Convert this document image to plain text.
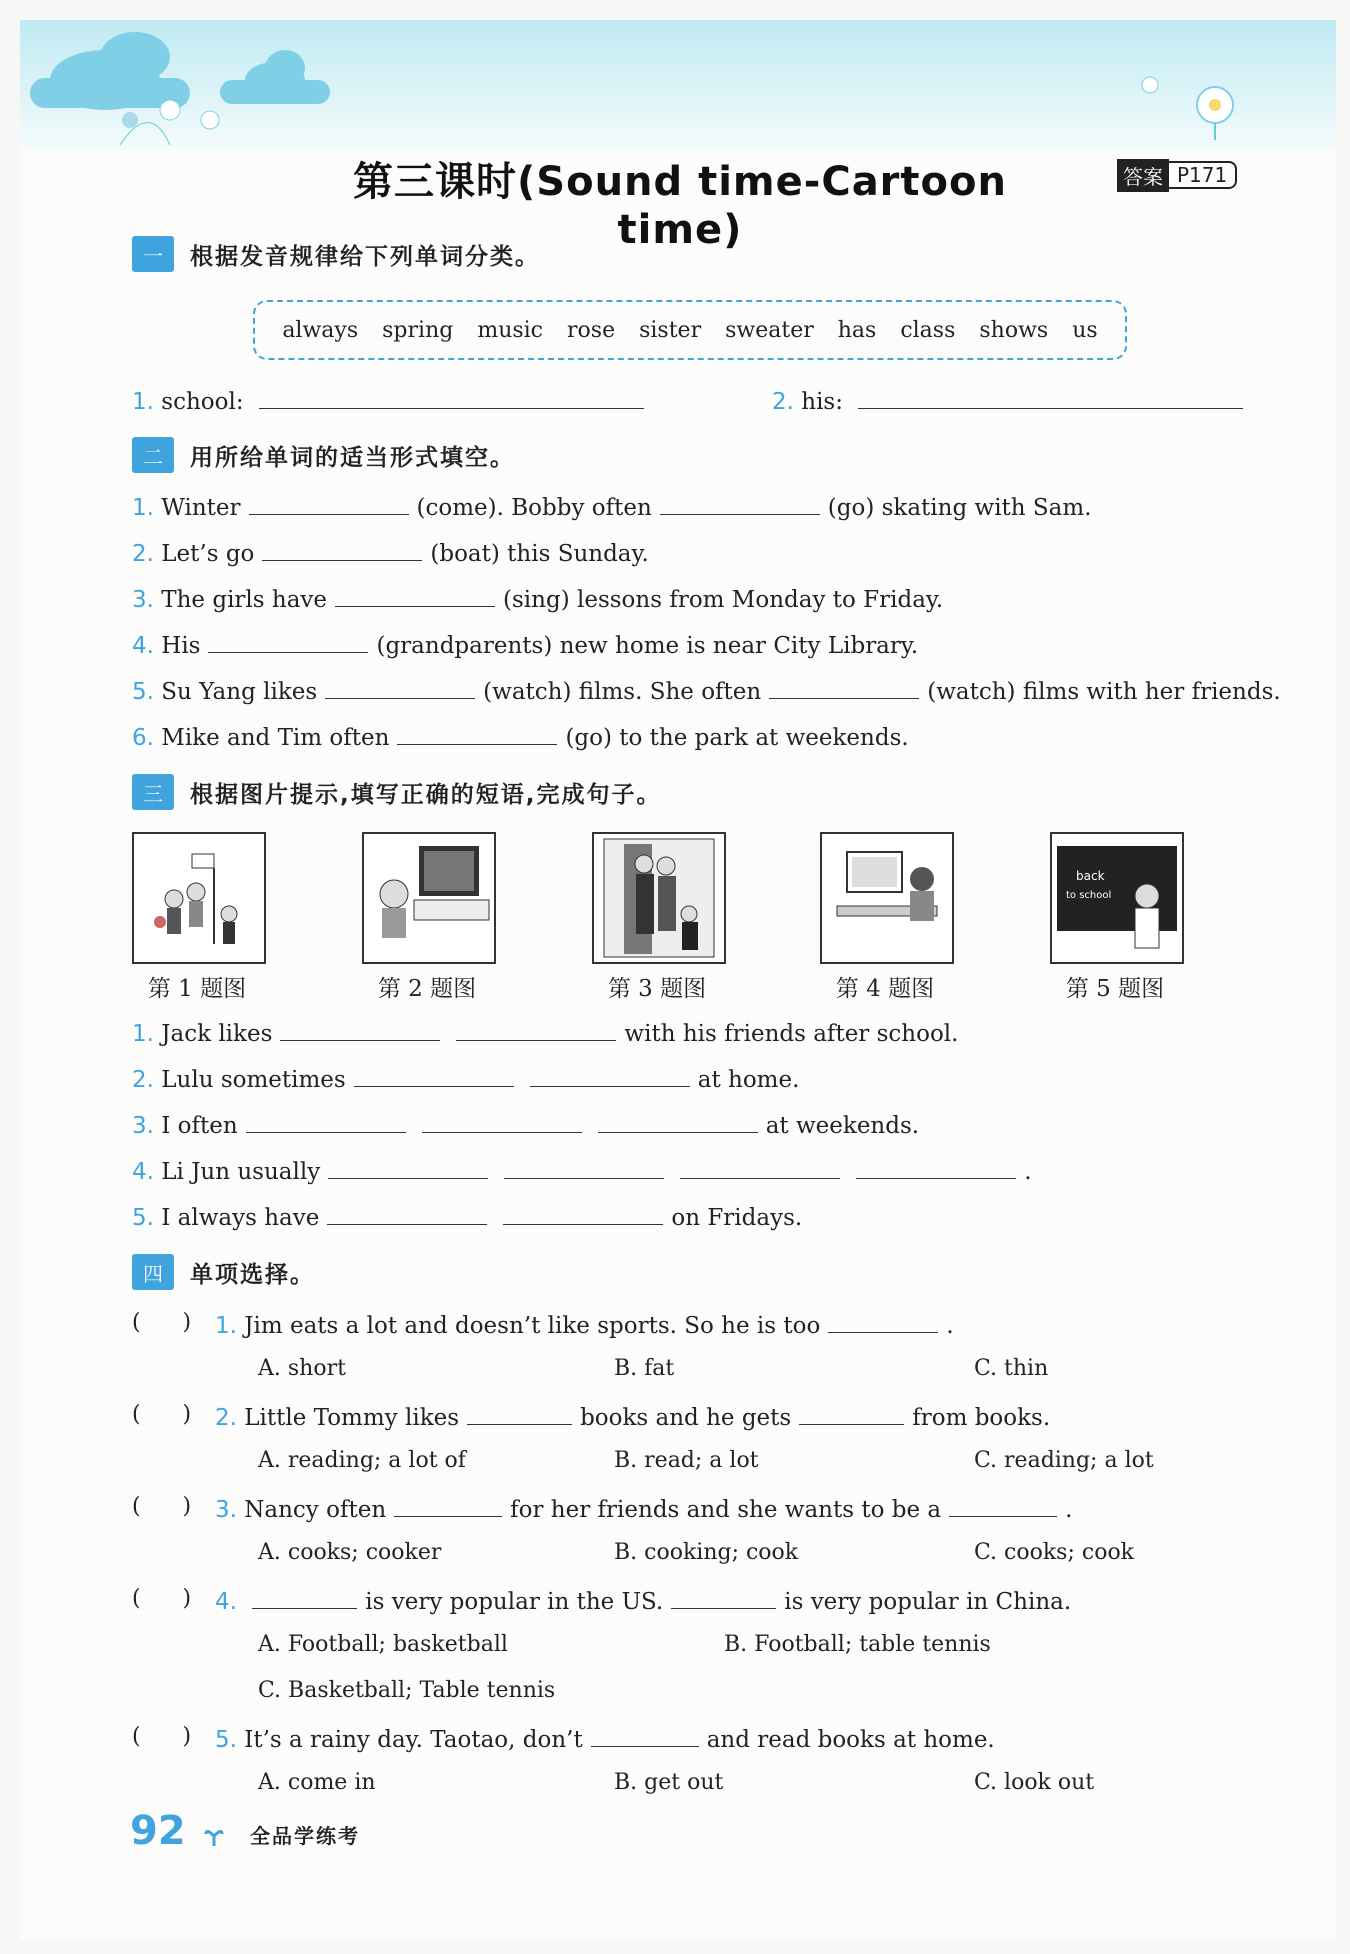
第三课时(Sound time-Cartoon time)
答案 P171
一	根据发音规律给下列单词分类。
always spring music rose sister sweater has class shows us
1. school:	2. his:
二	用所给单词的适当形式填空。
1. Winter	(come). Bobby often	(go) skating with Sam.
2. Let’s go	(boat) this Sunday.
3. The girls have	(sing) lessons from Monday to Friday.
4. His	(grandparents) new home is near City Library.
5. Su Yang likes	(watch) films. She often	(watch) films with her friends.
6. Mike and Tim often	(go) to the park at weekends.
三	根据图片提示,填写正确的短语,完成句子。
back
to school
第 1 题图	第 2 题图	第 3 题图	第 4 题图	第 5 题图
1. Jack likes	with his friends after school.
2. Lulu sometimes	at home.
3. I often	at weekends.
4. Li Jun usually	.
5. I always have	on Fridays.
四	单项选择。
(      ) 1. Jim eats a lot and doesn’t like sports. So he is too	.
A. short	B. fat	C. thin
(      ) 2. Little Tommy likes	books and he gets	from books.
A. reading; a lot of	B. read; a lot	C. reading; a lot
(      ) 3. Nancy often	for her friends and she wants to be a	.
A. cooks; cooker	B. cooking; cook	C. cooks; cook
(      ) 4.	is very popular in the US.	is very popular in China.
A. Football; basketball	B. Football; table tennis
C. Basketball; Table tennis
(      ) 5. It’s a rainy day. Taotao, don’t	and read books at home.
A. come in	B. get out	C. look out
92	全品学练考
